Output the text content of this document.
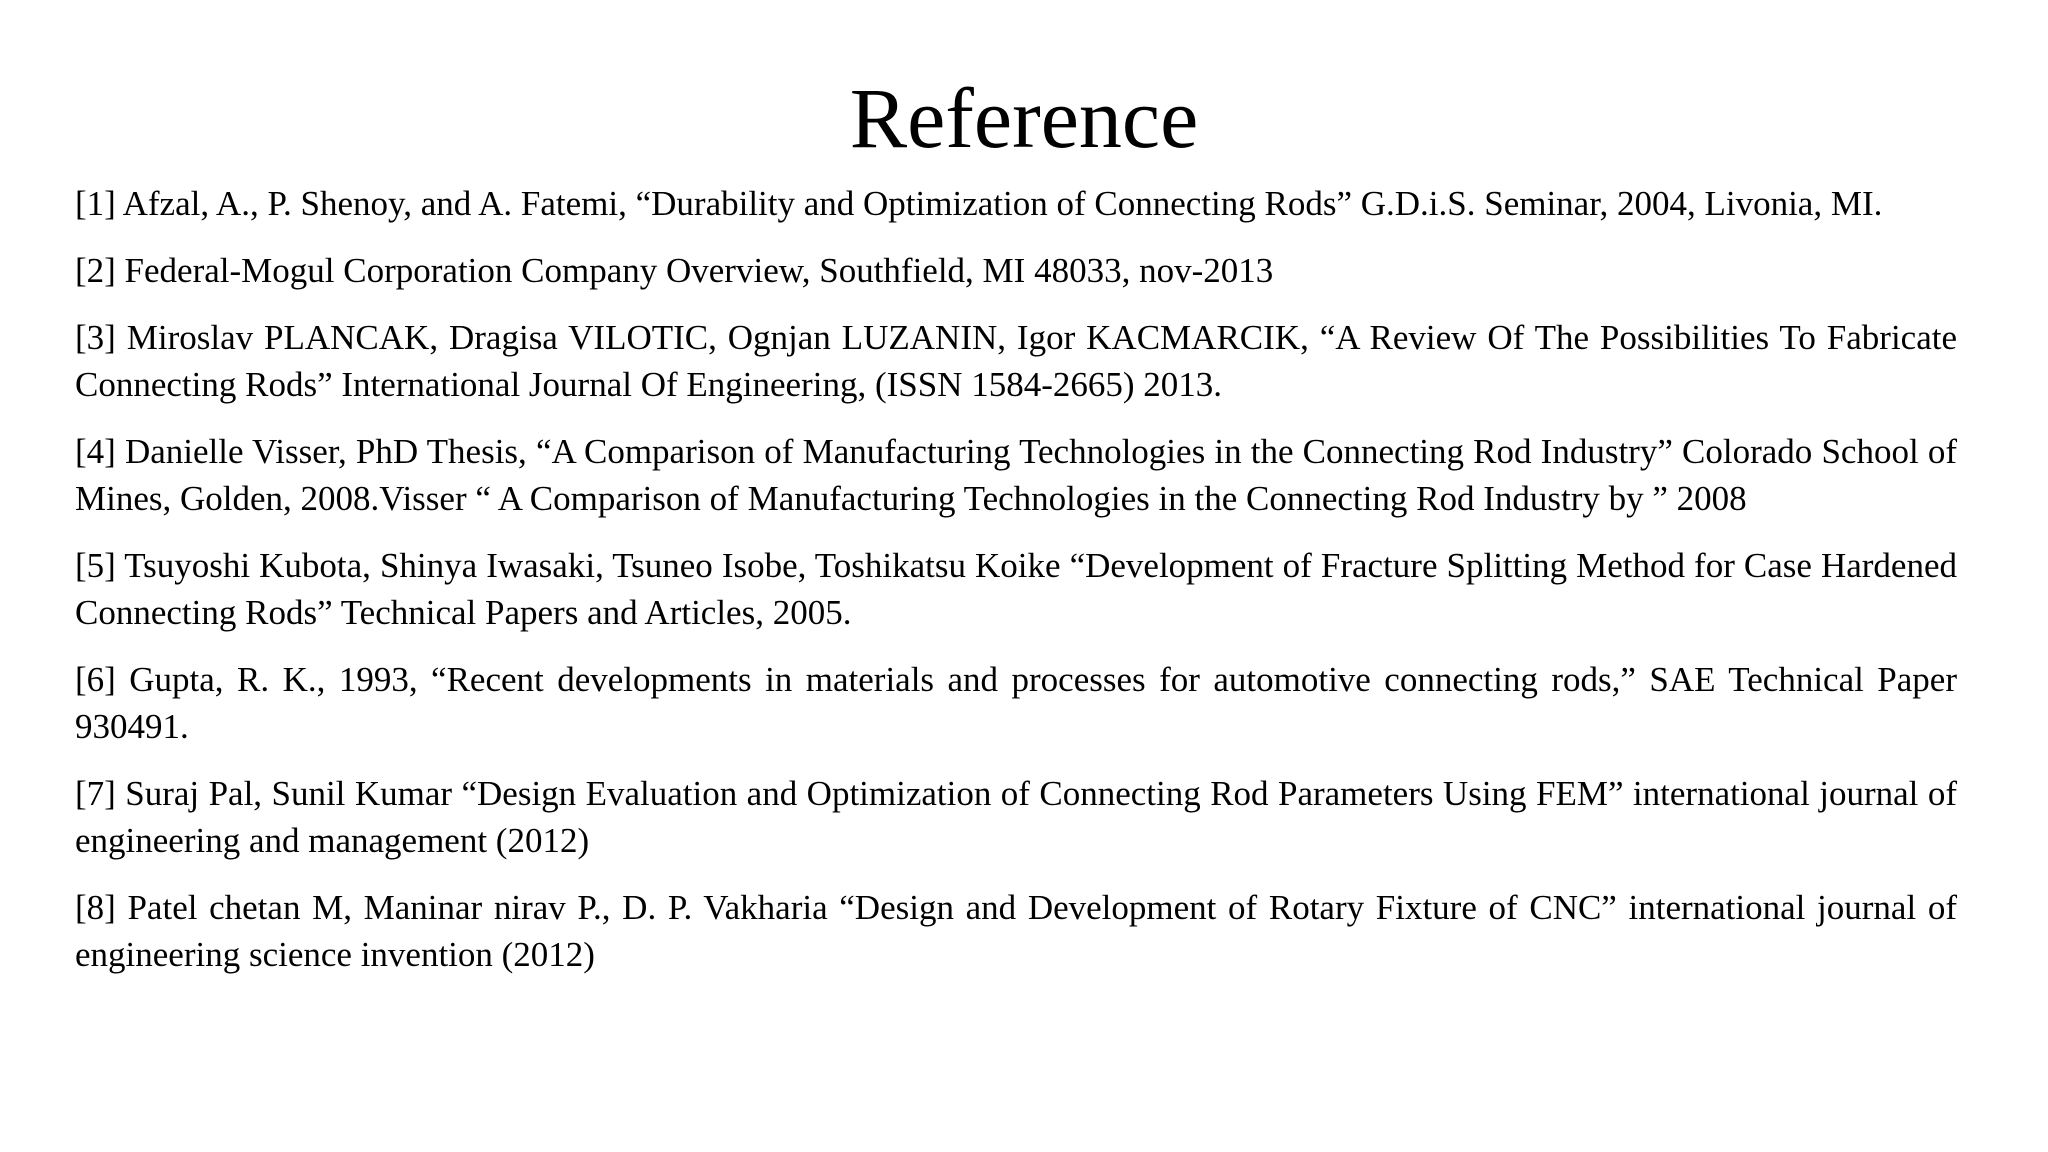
Reference
[1] Afzal, A., P. Shenoy, and A. Fatemi, “Durability and Optimization of Connecting Rods” G.D.i.S. Seminar, 2004, Livonia, MI.
[2] Federal-Mogul Corporation Company Overview, Southfield, MI 48033, nov-2013
[3] Miroslav PLANCAK, Dragisa VILOTIC, Ognjan LUZANIN, Igor KACMARCIK, “A Review Of The Possibilities To Fabricate Connecting Rods” International Journal Of Engineering, (ISSN 1584-2665) 2013.
[4] Danielle Visser, PhD Thesis, “A Comparison of Manufacturing Technologies in the Connecting Rod Industry” Colorado School of Mines, Golden, 2008.Visser “ A Comparison of Manufacturing Technologies in the Connecting Rod Industry by ” 2008
[5] Tsuyoshi Kubota, Shinya Iwasaki, Tsuneo Isobe, Toshikatsu Koike “Development of Fracture Splitting Method for Case Hardened Connecting Rods” Technical Papers and Articles, 2005.
[6] Gupta, R. K., 1993, “Recent developments in materials and processes for automotive connecting rods,” SAE Technical Paper 930491.
[7] Suraj Pal, Sunil Kumar “Design Evaluation and Optimization of Connecting Rod Parameters Using FEM” international journal of engineering and management (2012)
[8] Patel chetan M, Maninar nirav P., D. P. Vakharia “Design and Development of Rotary Fixture of CNC” international journal of engineering science invention (2012)
